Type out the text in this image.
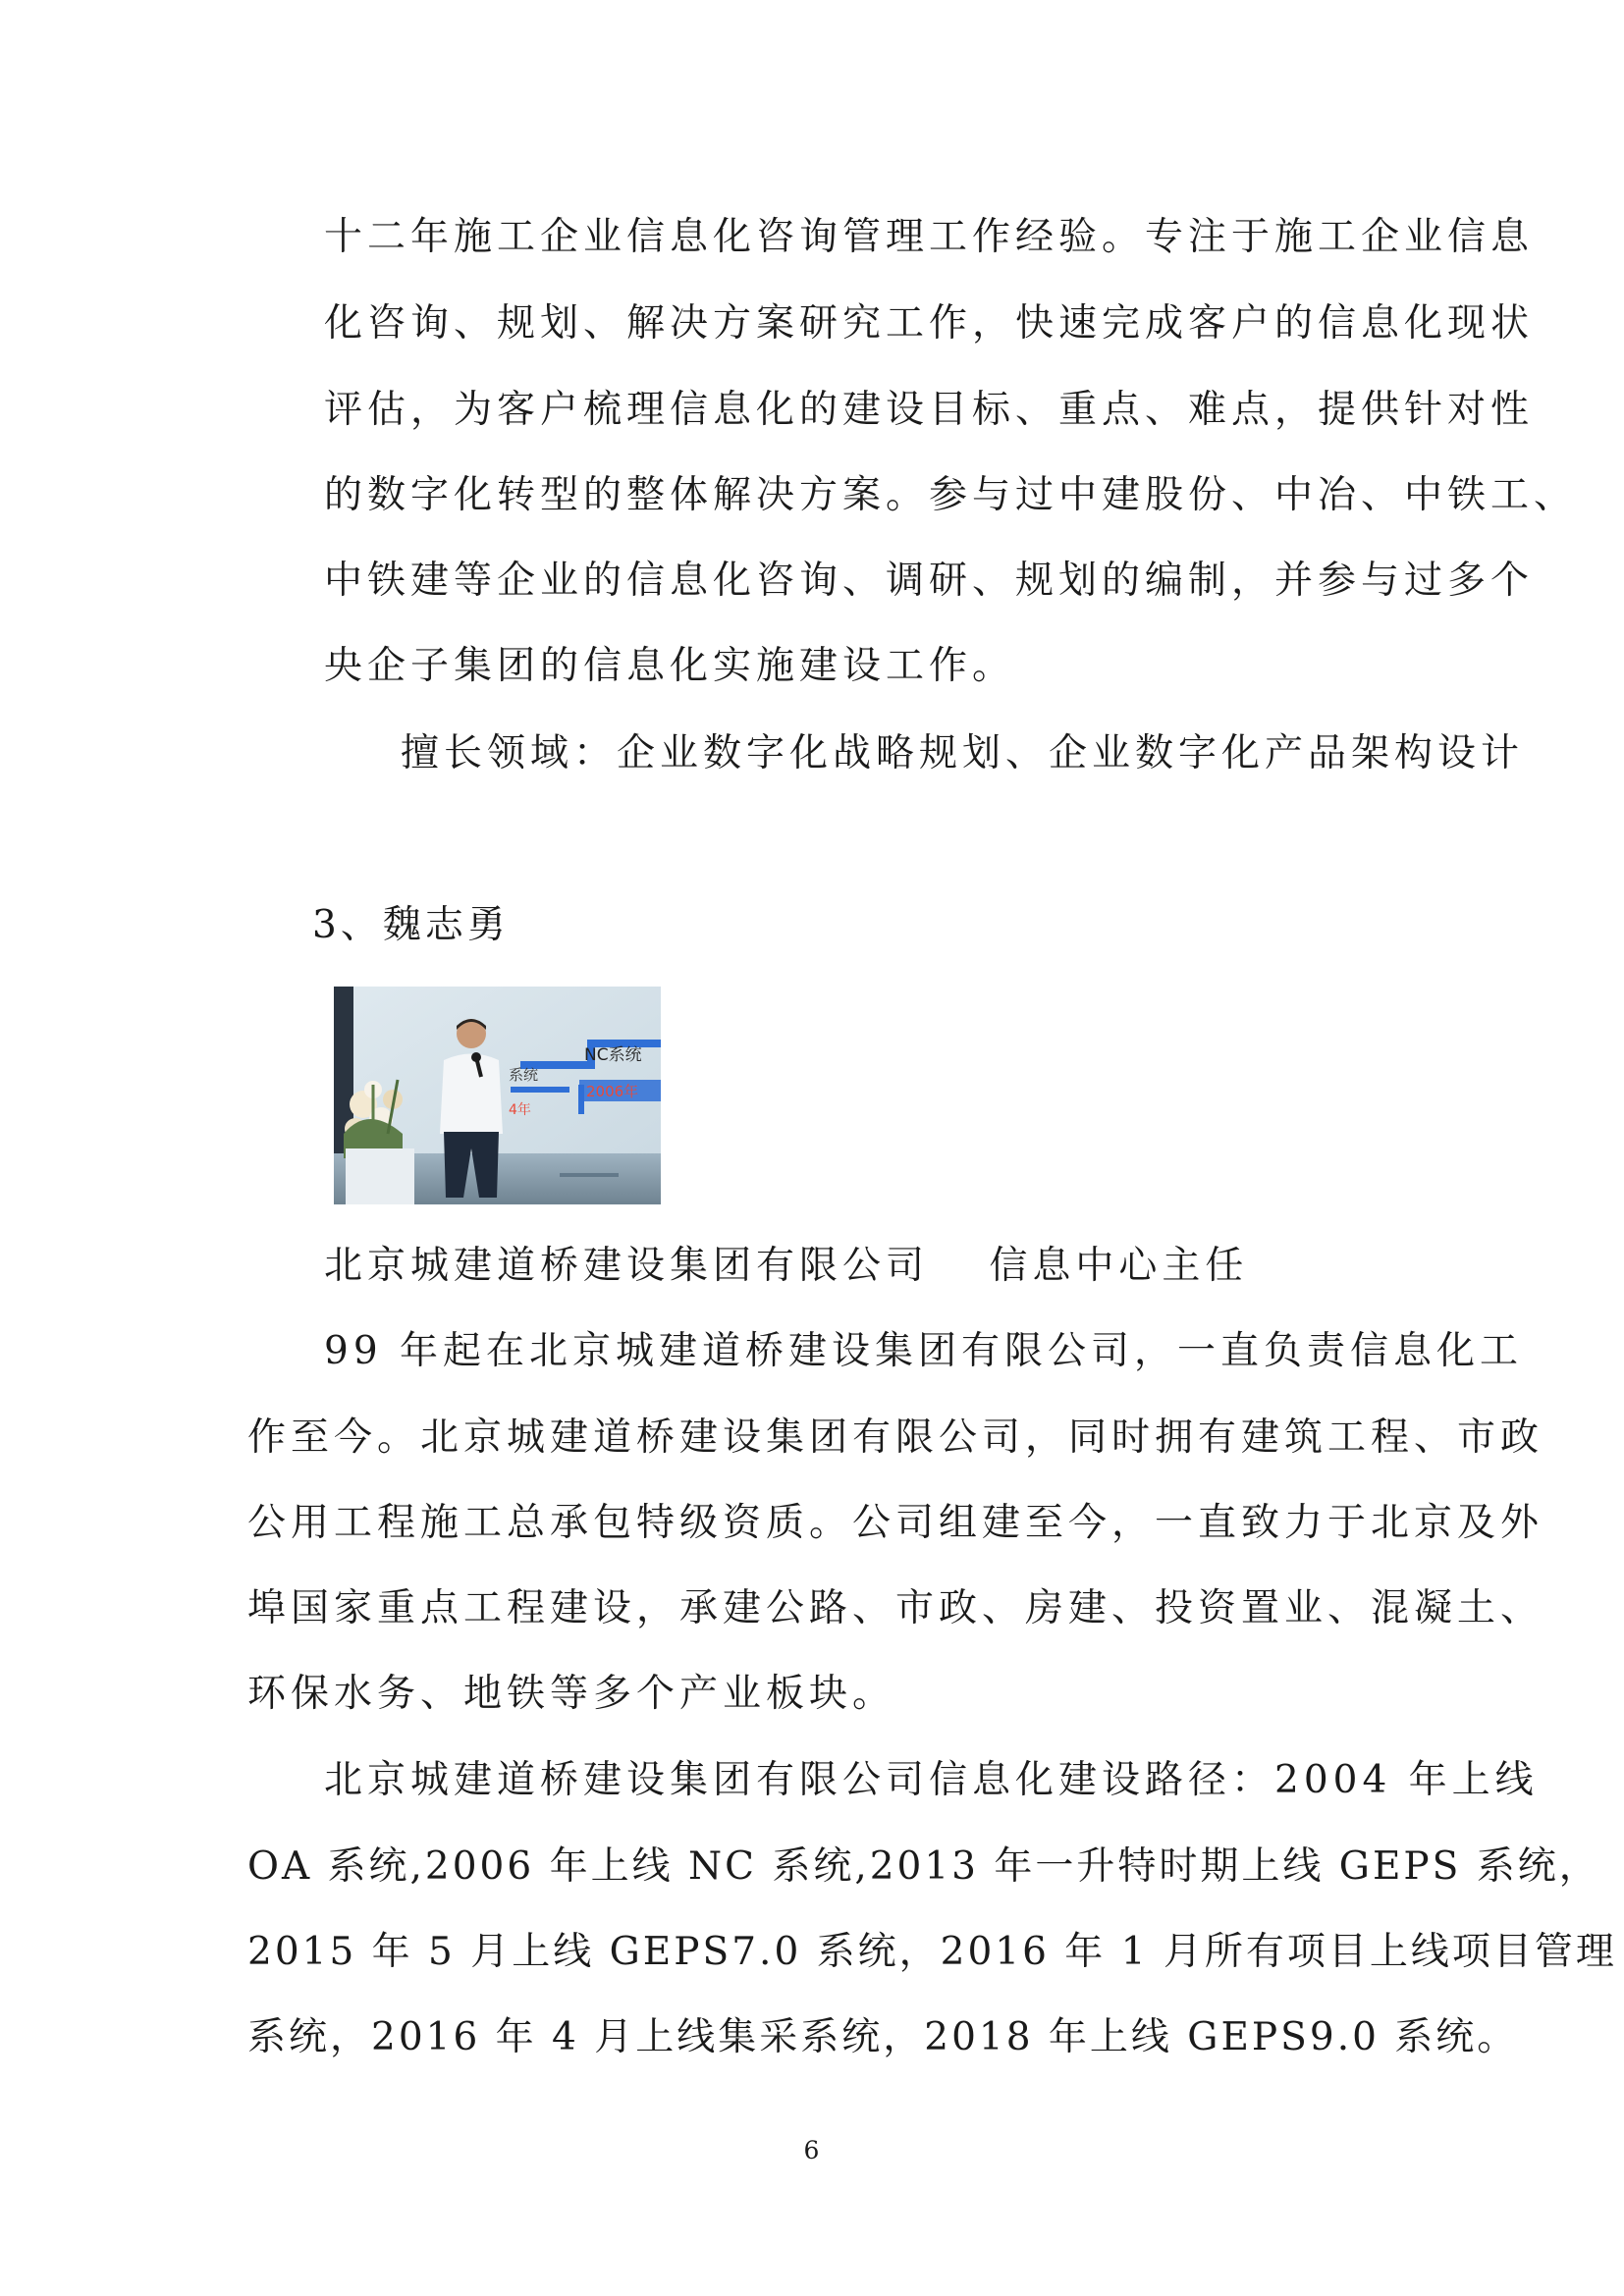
十二年施工企业信息化咨询管理工作经验。专注于施工企业信息
化咨询、规划、解决方案研究工作，快速完成客户的信息化现状
评估，为客户梳理信息化的建设目标、重点、难点，提供针对性
的数字化转型的整体解决方案。参与过中建股份、中冶、中铁工、
中铁建等企业的信息化咨询、调研、规划的编制，并参与过多个
央企子集团的信息化实施建设工作。
擅长领域：企业数字化战略规划、企业数字化产品架构设计
3、魏志勇
系统
NC系统
2006年
4年
北京城建道桥建设集团有限公司　 信息中心主任
99 年起在北京城建道桥建设集团有限公司，一直负责信息化工
作至今。北京城建道桥建设集团有限公司，同时拥有建筑工程、市政
公用工程施工总承包特级资质。公司组建至今，一直致力于北京及外
埠国家重点工程建设，承建公路、市政、房建、投资置业、混凝土、
环保水务、地铁等多个产业板块。
北京城建道桥建设集团有限公司信息化建设路径：2004 年上线
OA 系统,2006 年上线 NC 系统,2013 年一升特时期上线 GEPS 系统，
2015 年 5 月上线 GEPS7.0 系统，2016 年 1 月所有项目上线项目管理
系统，2016 年 4 月上线集采系统，2018 年上线 GEPS9.0 系统。
6
